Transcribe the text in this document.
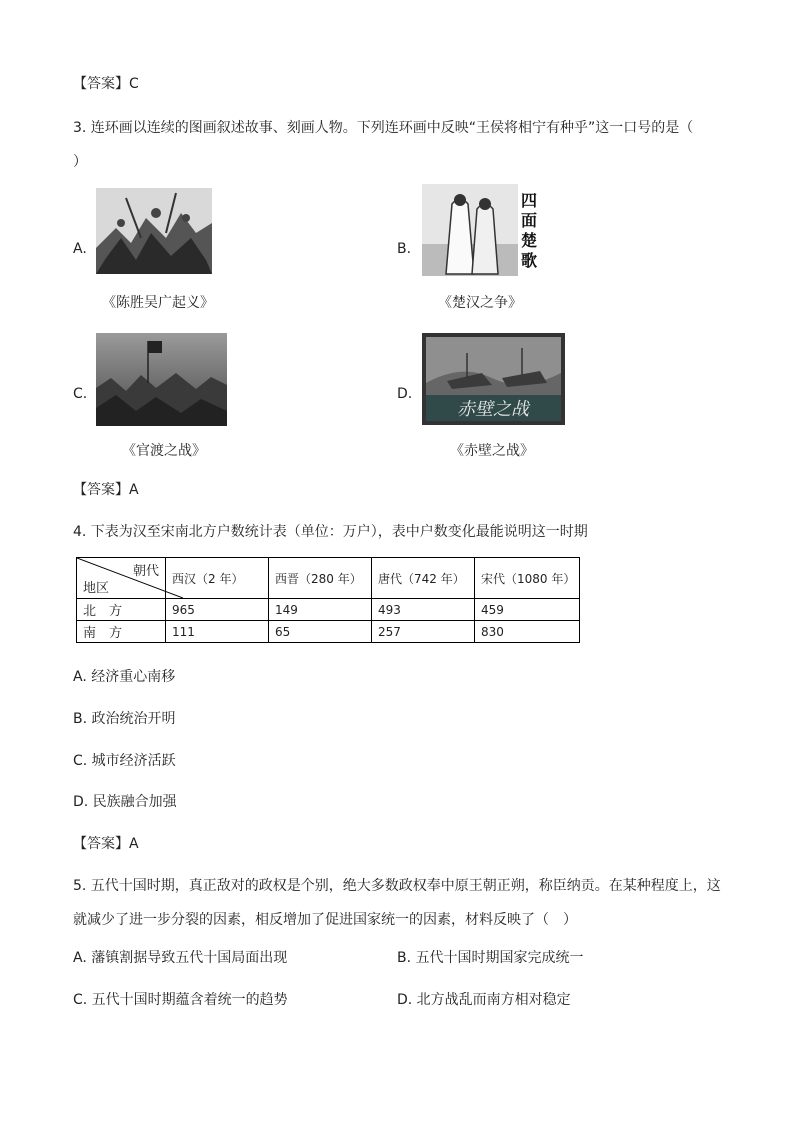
【答案】C
3. 连环画以连续的图画叙述故事、刻画人物。下列连环画中反映“王侯将相宁有种乎”这一口号的是（
）
A.
《陈胜吴广起义》
B.
四
面
楚
歌
《楚汉之争》
C.
《官渡之战》
D.
赤壁之战
《赤壁之战》
【答案】A
4. 下表为汉至宋南北方户数统计表（单位：万户），表中户数变化最能说明这一时期
朝代
地区	西汉（2 年）	西晋（280 年）	唐代（742 年）	宋代（1080 年）
北　方	965	149	493	459
南　方	111	65	257	830
A. 经济重心南移
B. 政治统治开明
C. 城市经济活跃
D. 民族融合加强
【答案】A
5. 五代十国时期，真正敌对的政权是个别，绝大多数政权奉中原王朝正朔，称臣纳贡。在某种程度上，这
就减少了进一步分裂的因素，相反增加了促进国家统一的因素，材料反映了（　）
A. 藩镇割据导致五代十国局面出现	B. 五代十国时期国家完成统一
C. 五代十国时期蕴含着统一的趋势	D. 北方战乱而南方相对稳定
